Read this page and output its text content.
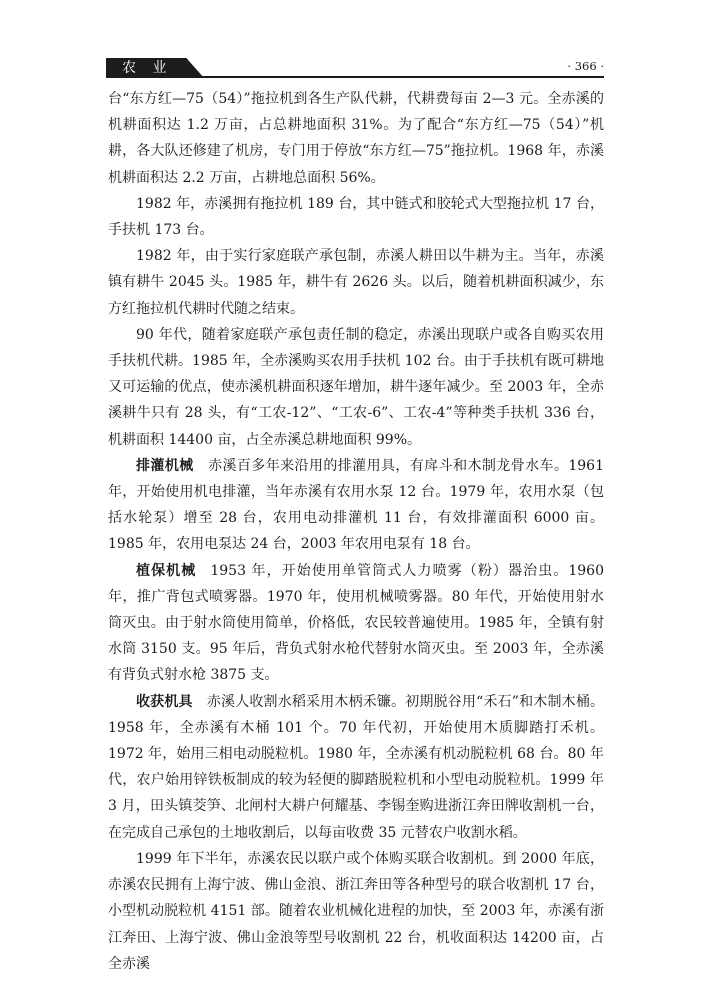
农 业	· 366 ·

台“东方红—75（54）”拖拉机到各生产队代耕，代耕费每亩 2—3 元。全赤溪的机耕面积达 1.2 万亩，占总耕地面积 31%。为了配合“东方红—75（54）”机耕，各大队还修建了机房，专门用于停放“东方红—75”拖拉机。1968 年，赤溪机耕面积达 2.2 万亩，占耕地总面积 56%。

1982 年，赤溪拥有拖拉机 189 台，其中链式和胶轮式大型拖拉机 17 台，手扶机 173 台。

1982 年，由于实行家庭联产承包制，赤溪人耕田以牛耕为主。当年，赤溪镇有耕牛 2045 头。1985 年，耕牛有 2626 头。以后，随着机耕面积减少，东方红拖拉机代耕时代随之结束。

90 年代，随着家庭联产承包责任制的稳定，赤溪出现联户或各自购买农用手扶机代耕。1985 年，全赤溪购买农用手扶机 102 台。由于手扶机有既可耕地又可运输的优点，使赤溪机耕面积逐年增加，耕牛逐年减少。至 2003 年，全赤溪耕牛只有 28 头，有“工农-12”、“工农-6”、工农-4”等种类手扶机 336 台，机耕面积 14400 亩，占全赤溪总耕地面积 99%。

排灌机械 赤溪百多年来沿用的排灌用具，有戽斗和木制龙骨水车。1961 年，开始使用机电排灌，当年赤溪有农用水泵 12 台。1979 年，农用水泵（包括水轮泵）增至 28 台，农用电动排灌机 11 台，有效排灌面积 6000 亩。1985 年，农用电泵达 24 台，2003 年农用电泵有 18 台。

植保机械 1953 年，开始使用单管筒式人力喷雾（粉）器治虫。1960 年，推广背包式喷雾器。1970 年，使用机械喷雾器。80 年代，开始使用射水筒灭虫。由于射水筒使用简单，价格低，农民较普遍使用。1985 年，全镇有射水筒 3150 支。95 年后，背负式射水枪代替射水筒灭虫。至 2003 年，全赤溪有背负式射水枪 3875 支。

收获机具 赤溪人收割水稻采用木柄禾镰。初期脱谷用“禾石”和木制木桶。1958 年，全赤溪有木桶 101 个。70 年代初，开始使用木质脚踏打禾机。1972 年，始用三相电动脱粒机。1980 年，全赤溪有机动脱粒机 68 台。80 年代，农户始用锌铁板制成的较为轻便的脚踏脱粒机和小型电动脱粒机。1999 年 3 月，田头镇茭笋、北闸村大耕户何耀基、李锡奎购进浙江奔田牌收割机一台，在完成自己承包的土地收割后，以每亩收费 35 元替农户收割水稻。

1999 年下半年，赤溪农民以联户或个体购买联合收割机。到 2000 年底，赤溪农民拥有上海宁波、佛山金浪、浙江奔田等各种型号的联合收割机 17 台，小型机动脱粒机 4151 部。随着农业机械化进程的加快，至 2003 年，赤溪有浙江奔田、上海宁波、佛山金浪等型号收割机 22 台，机收面积达 14200 亩，占全赤溪
